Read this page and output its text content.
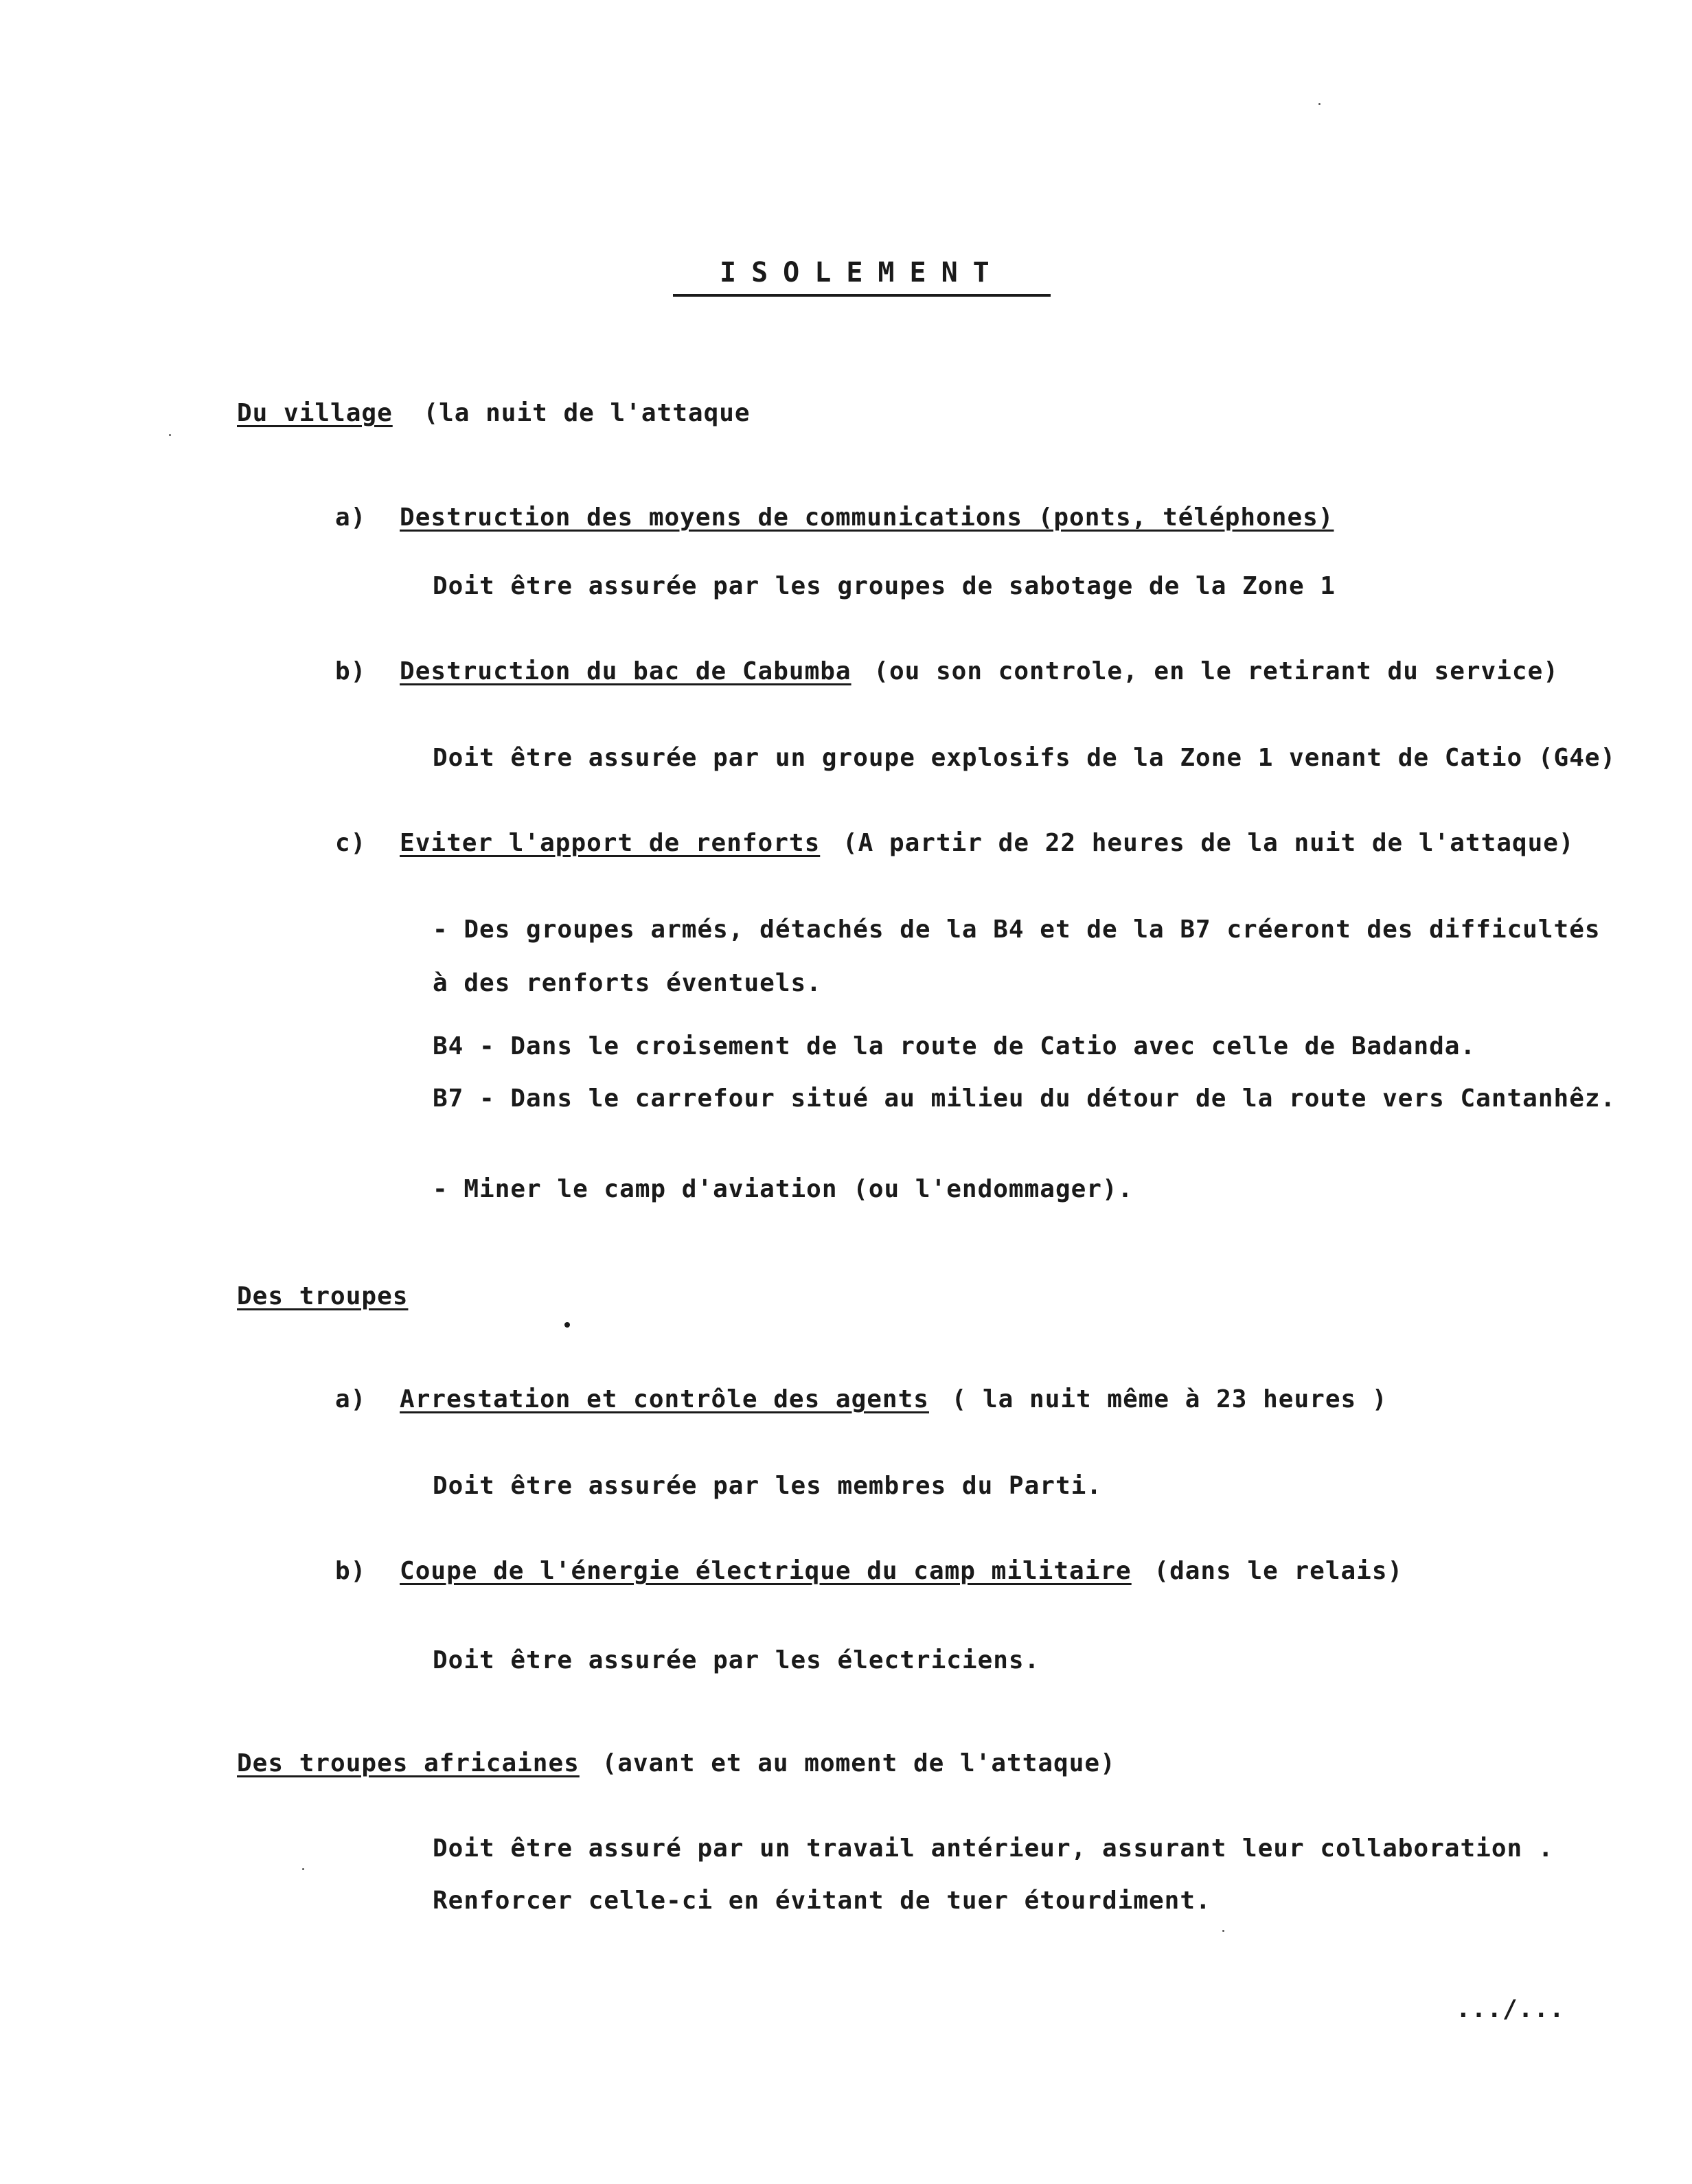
ISOLEMENT
Du village (la nuit de l'attaque
a) Destruction des moyens de communications (ponts, téléphones)
Doit être assurée par les groupes de sabotage de la Zone 1
b) Destruction du bac de Cabumba (ou son controle, en le retirant du service)
Doit être assurée par un groupe explosifs de la Zone 1 venant de Catio (G4e)
c) Eviter l'apport de renforts (A partir de 22 heures de la nuit de l'attaque)
- Des groupes armés, détachés de la B4 et de la B7 créeront des difficultés
à des renforts éventuels.
B4 - Dans le croisement de la route de Catio avec celle de Badanda.
B7 - Dans le carrefour situé au milieu du détour de la route vers Cantanhêz.
- Miner le camp d'aviation (ou l'endommager).
Des troupes
a) Arrestation et contrôle des agents ( la nuit même à 23 heures )
Doit être assurée par les membres du Parti.
b) Coupe de l'énergie électrique du camp militaire (dans le relais)
Doit être assurée par les électriciens.
Des troupes africaines (avant et au moment de l'attaque)
Doit être assuré par un travail antérieur, assurant leur collaboration .
Renforcer celle-ci en évitant de tuer étourdiment.
.../...
